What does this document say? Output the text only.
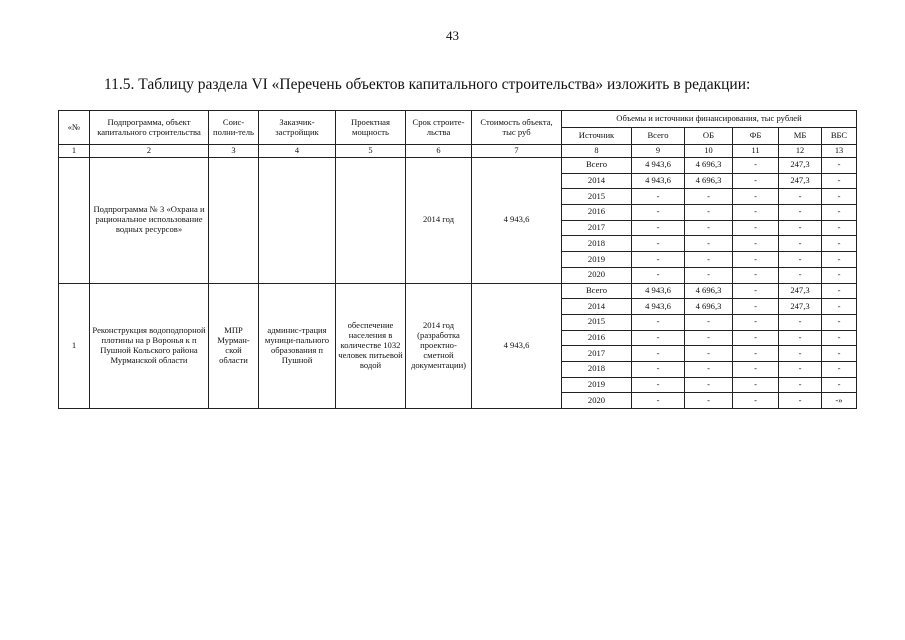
43
11.5. Таблицу раздела VI «Перечень объектов капитального строительства» изложить в редакции:
«№	Подпрограмма, объект капитального строительства	Соис-полни-тель	Заказчик-застройщик	Проектная мощность	Срок строите-льства	Стоимость объекта, тыс руб	Объемы и источники финансирования, тыс рублей					
							Источник	Всего	ОБ	ФБ	МБ	ВБС
1	2	3	4	5	6	7	8	9	10	11	12	13
	Подпрограмма № 3 «Охрана и рациональное использование водных ресурсов»				2014 год	4 943,6	Всего	4 943,6	4 696,3	-	247,3	-
							2014	4 943,6	4 696,3	-	247,3	-
							2015	-	-	-	-	-
							2016	-	-	-	-	-
							2017	-	-	-	-	-
							2018	-	-	-	-	-
							2019	-	-	-	-	-
							2020	-	-	-	-	-
1	Реконструкция водоподпорной плотины на р Воронья к п Пушной Кольского района Мурманской области	МПР Мурман-ской области	админис-трация муници-пального образования п Пушной	обеспечение населения в количестве 1032 человек питьевой водой	2014 год (разработка проектно-сметной документации)	4 943,6	Всего	4 943,6	4 696,3	-	247,3	-
							2014	4 943,6	4 696,3	-	247,3	-
							2015	-	-	-	-	-
							2016	-	-	-	-	-
							2017	-	-	-	-	-
							2018	-	-	-	-	-
							2019	-	-	-	-	-
							2020	-	-	-	-	-»
